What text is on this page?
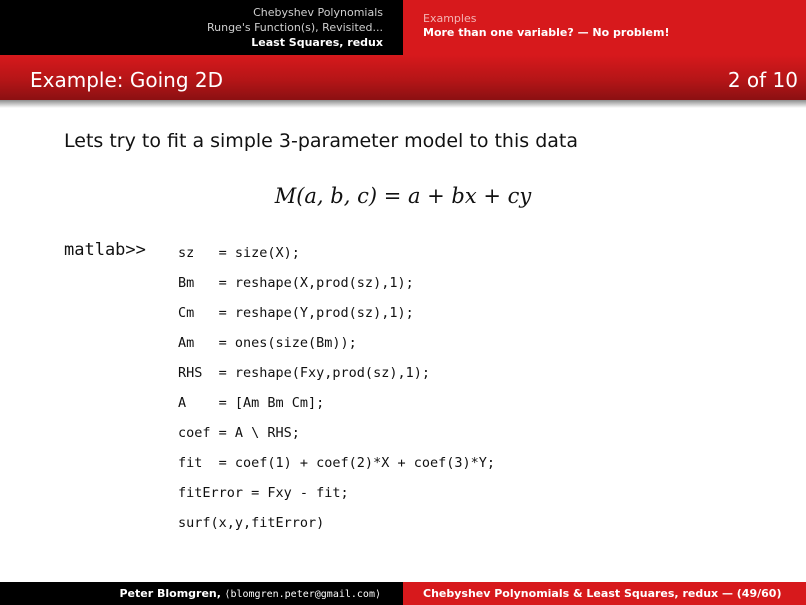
Chebyshev Polynomials
Runge's Function(s), Revisited...
Least Squares, redux
Examples
More than one variable? — No problem!
Example: Going 2D	2 of 10
Lets try to fit a simple 3-parameter model to this data
M(a, b, c) = a + bx + cy
matlab>> sz   = size(X);
Bm   = reshape(X,prod(sz),1);
Cm   = reshape(Y,prod(sz),1);
Am   = ones(size(Bm));
RHS  = reshape(Fxy,prod(sz),1);
A    = [Am Bm Cm];
coef = A \ RHS;
fit  = coef(1) + coef(2)*X + coef(3)*Y;
fitError = Fxy - fit;
surf(x,y,fitError)
Peter Blomgren, ⟨blomgren.peter@gmail.com⟩	Chebyshev Polynomials & Least Squares, redux — (49/60)
